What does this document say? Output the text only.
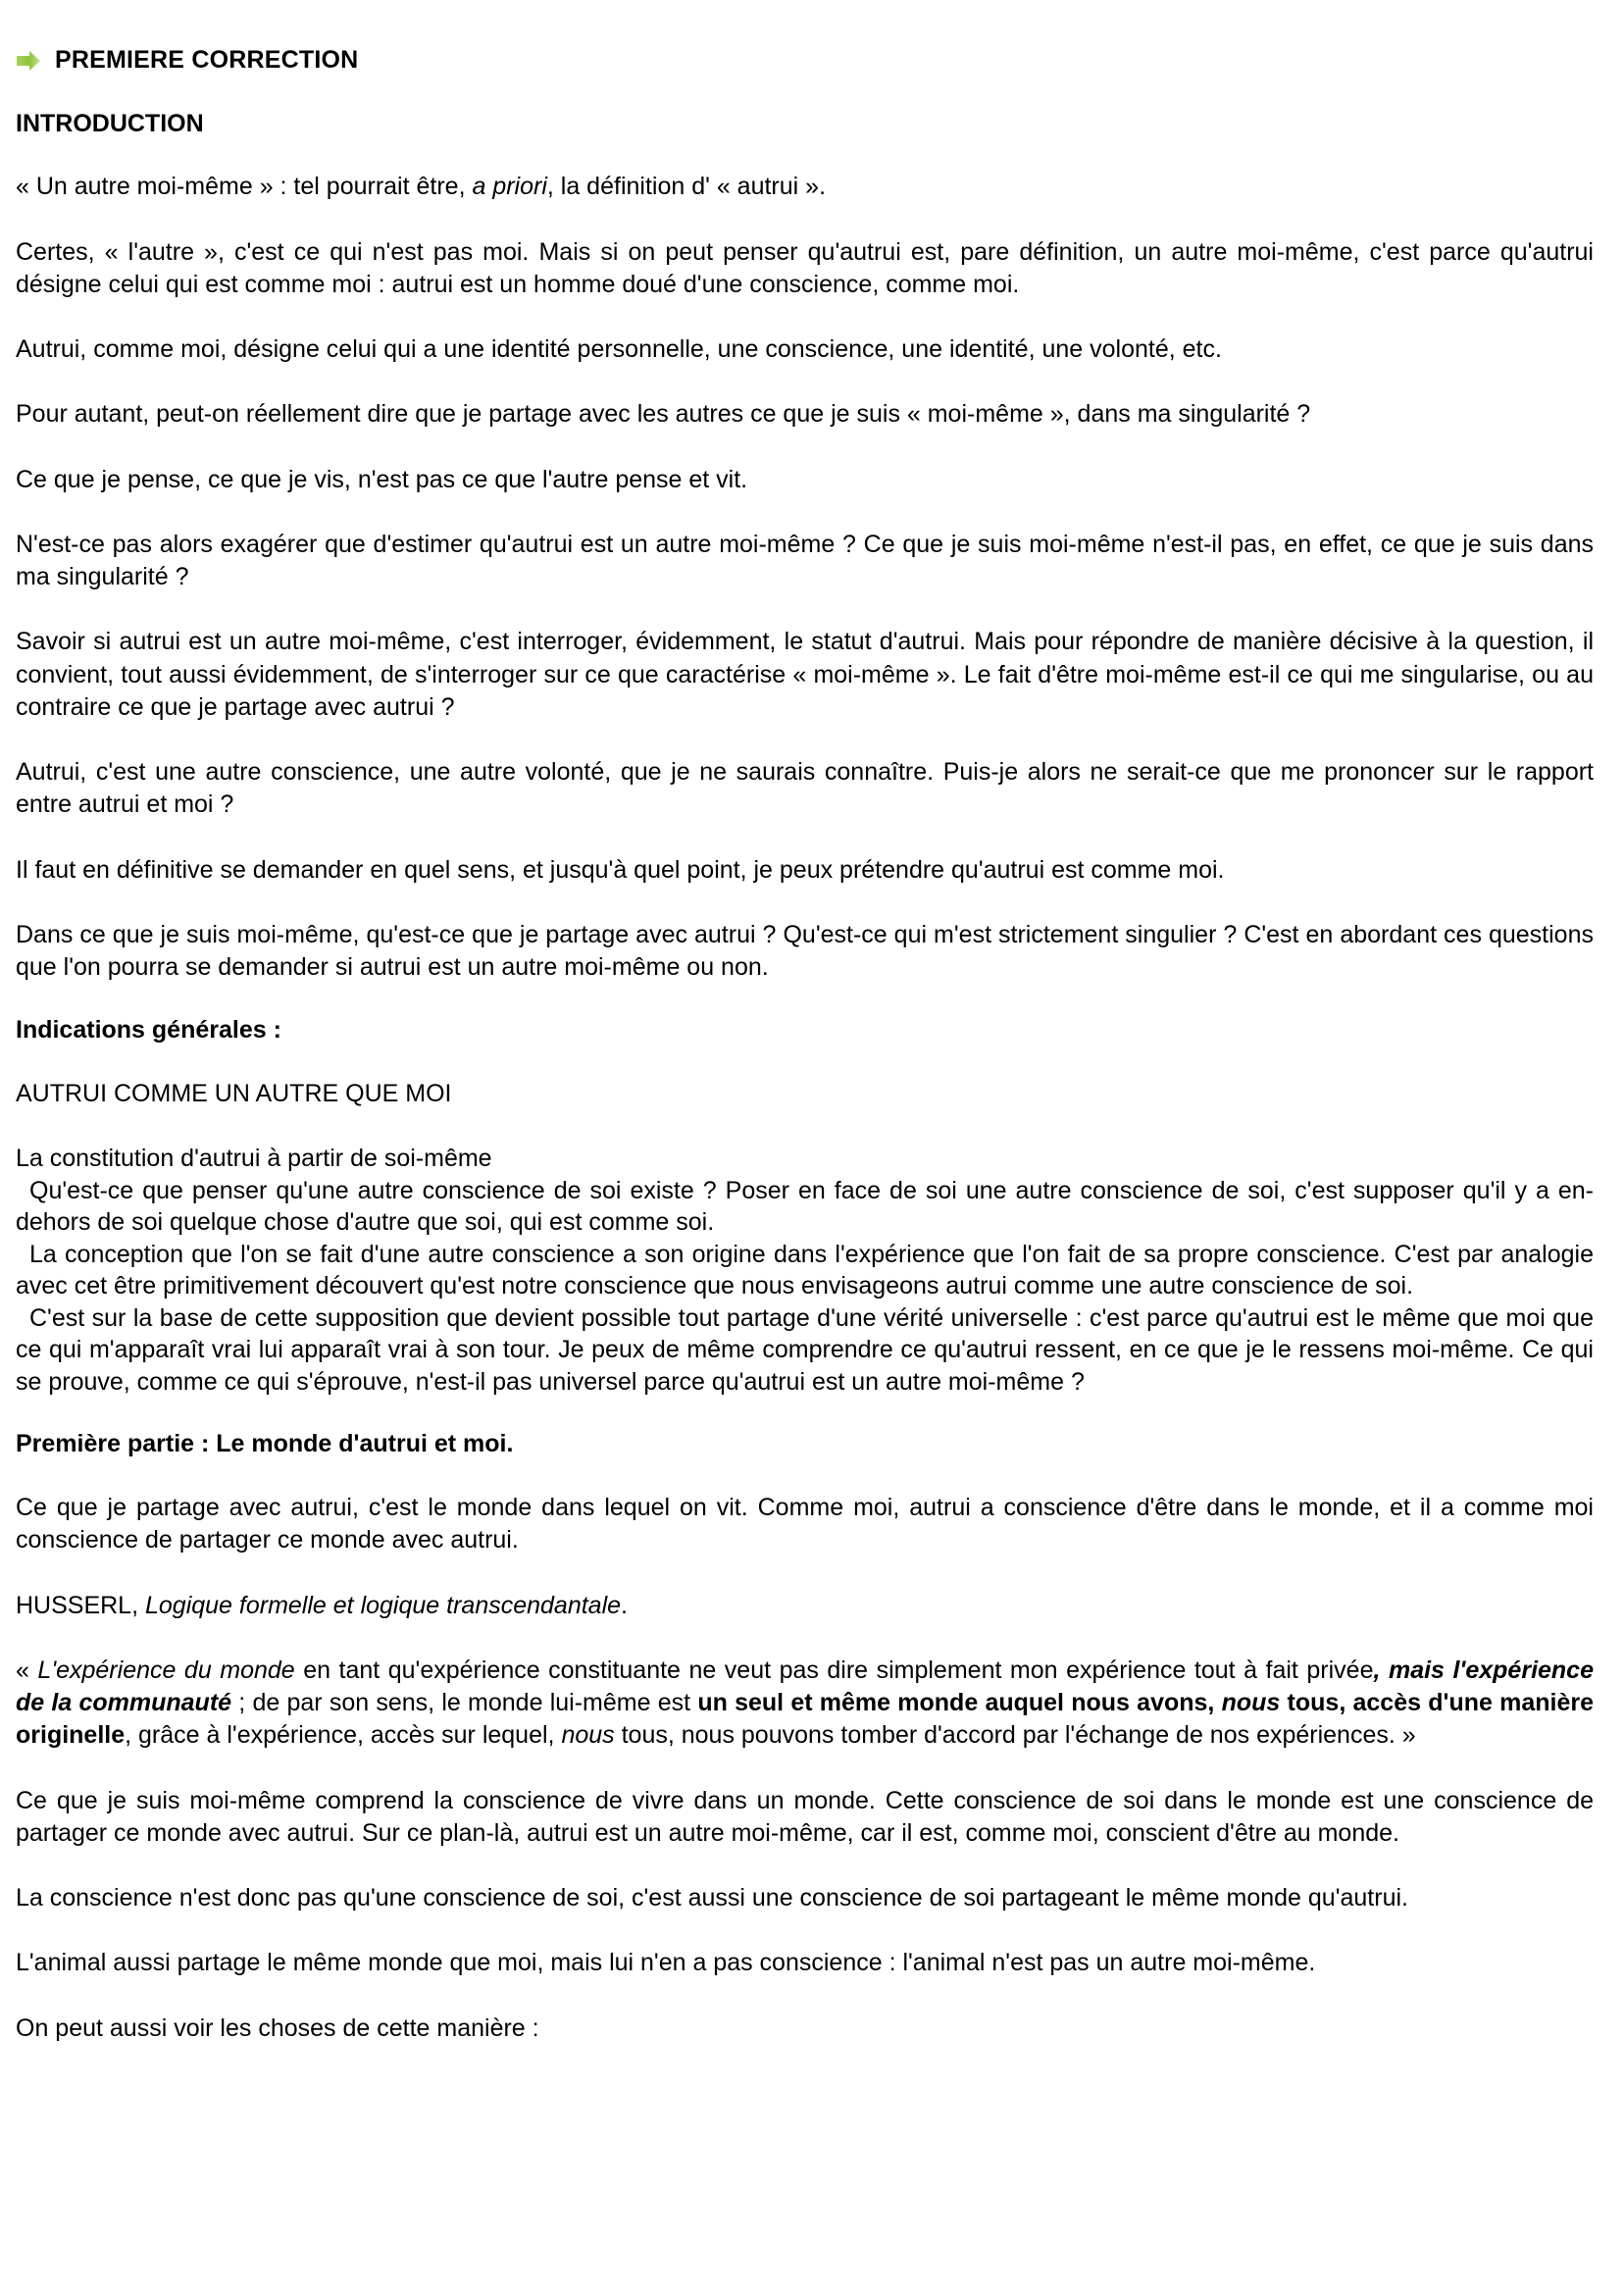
PREMIERE CORRECTION
INTRODUCTION

« Un autre moi-même » : tel pourrait être, a priori, la définition d' « autrui ».

Certes, « l'autre », c'est ce qui n'est pas moi. Mais si on peut penser qu'autrui est, pare définition, un autre moi-même, c'est parce qu'autrui désigne celui qui est comme moi : autrui est un homme doué d'une conscience, comme moi.

Autrui, comme moi, désigne celui qui a une identité personnelle, une conscience, une identité, une volonté, etc.

Pour autant, peut-on réellement dire que je partage avec les autres ce que je suis « moi-même », dans ma singularité ?

Ce que je pense, ce que je vis, n'est pas ce que l'autre pense et vit.

N'est-ce pas alors exagérer que d'estimer qu'autrui est un autre moi-même ? Ce que je suis moi-même n'est-il pas, en effet, ce que je suis dans ma singularité ?

Savoir si autrui est un autre moi-même, c'est interroger, évidemment, le statut d'autrui. Mais pour répondre de manière décisive à la question, il convient, tout aussi évidemment, de s'interroger sur ce que caractérise « moi-même ». Le fait d'être moi-même est-il ce qui me singularise, ou au contraire ce que je partage avec autrui ?

Autrui, c'est une autre conscience, une autre volonté, que je ne saurais connaître. Puis-je alors ne serait-ce que me prononcer sur le rapport entre autrui et moi ?

Il faut en définitive se demander en quel sens, et jusqu'à quel point, je peux prétendre qu'autrui est comme moi.

Dans ce que je suis moi-même, qu'est-ce que je partage avec autrui ? Qu'est-ce qui m'est strictement singulier ? C'est en abordant ces questions que l'on pourra se demander si autrui est un autre moi-même ou non.

Indications générales :

AUTRUI COMME UN AUTRE QUE MOI

La constitution d'autrui à partir de soi-même

Qu'est-ce que penser qu'une autre conscience de soi existe ? Poser en face de soi une autre conscience de soi, c'est supposer qu'il y a en-dehors de soi quelque chose d'autre que soi, qui est comme soi.

La conception que l'on se fait d'une autre conscience a son origine dans l'expérience que l'on fait de sa propre conscience. C'est par analogie avec cet être primitivement découvert qu'est notre conscience que nous envisageons autrui comme une autre conscience de soi.

C'est sur la base de cette supposition que devient possible tout partage d'une vérité universelle : c'est parce qu'autrui est le même que moi que ce qui m'apparaît vrai lui apparaît vrai à son tour. Je peux de même comprendre ce qu'autrui ressent, en ce que je le ressens moi-même. Ce qui se prouve, comme ce qui s'éprouve, n'est-il pas universel parce qu'autrui est un autre moi-même ?

Première partie : Le monde d'autrui et moi.

Ce que je partage avec autrui, c'est le monde dans lequel on vit. Comme moi, autrui a conscience d'être dans le monde, et il a comme moi conscience de partager ce monde avec autrui.

HUSSERL, Logique formelle et logique transcendantale.

« L'expérience du monde en tant qu'expérience constituante ne veut pas dire simplement mon expérience tout à fait privée, mais l'expérience de la communauté ; de par son sens, le monde lui-même est un seul et même monde auquel nous avons, nous tous, accès d'une manière originelle, grâce à l'expérience, accès sur lequel, nous tous, nous pouvons tomber d'accord par l'échange de nos expériences. »

Ce que je suis moi-même comprend la conscience de vivre dans un monde. Cette conscience de soi dans le monde est une conscience de partager ce monde avec autrui. Sur ce plan-là, autrui est un autre moi-même, car il est, comme moi, conscient d'être au monde.

La conscience n'est donc pas qu'une conscience de soi, c'est aussi une conscience de soi partageant le même monde qu'autrui.

L'animal aussi partage le même monde que moi, mais lui n'en a pas conscience : l'animal n'est pas un autre moi-même.

On peut aussi voir les choses de cette manière :
